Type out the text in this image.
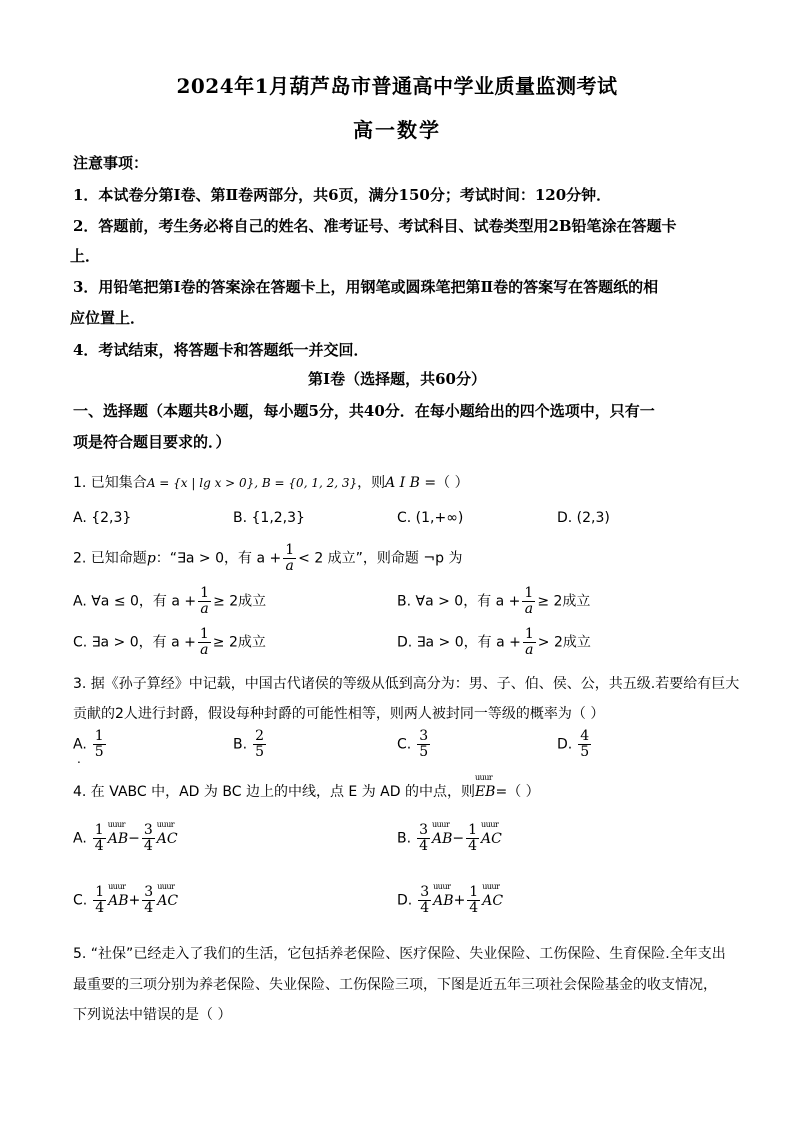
2024年1月葫芦岛市普通高中学业质量监测考试
高一数学
注意事项：
1．本试卷分第Ⅰ卷、第Ⅱ卷两部分，共6页，满分150分；考试时间：120分钟．
2．答题前，考生务必将自己的姓名、准考证号、考试科目、试卷类型用2B铅笔涂在答题卡
上．
3．用铅笔把第Ⅰ卷的答案涂在答题卡上，用钢笔或圆珠笔把第Ⅱ卷的答案写在答题纸的相
应位置上．
4．考试结束，将答题卡和答题纸一并交回．
第Ⅰ卷（选择题，共60分）
一、选择题（本题共8小题，每小题5分，共40分．在每小题给出的四个选项中，只有一
项是符合题目要求的．）
1. 已知集合A = {x | lg x > 0}, B = {0, 1, 2, 3}，则A I B =（ ）
A. {2,3}	B. {1,2,3}	C. (1,+∞)	D. (2,3)
2. 已知命题p：“∃a > 0，有 $a + \frac{1}{a} < 2$ 成立”，则命题 ¬p 为
A. ∀a ≤ 0，有 $a + \frac{1}{a} \ge 2$成立	B. ∀a > 0，有 $a + \frac{1}{a} \ge 2$成立
C. ∃a > 0，有 $a + \frac{1}{a} \ge 2$成立	D. ∃a > 0，有 $a + \frac{1}{a} > 2$成立
3. 据《孙子算经》中记载，中国古代诸侯的等级从低到高分为：男、子、伯、侯、公，共五级.若要给有巨大
贡献的2人进行封爵，假设每种封爵的可能性相等，则两人被封同一等级的概率为（ ）
A. $\frac{1}{5}$
.
B. $\frac{2}{5}$	C. $\frac{3}{5}$	D. $\frac{4}{5}$
4. 在 VABC 中，AD 为 BC 边上的中线，点 E 为 AD 的中点，则uuur EB=（ ）
A. $\frac{1}{4}$ uuur $AB- \frac{3}{4}$ uuur AC	B. $\frac{3}{4}$ uuur $AB- \frac{1}{4}$ uuur AC
C. $\frac{1}{4}$ uuur $AB+ \frac{3}{4}$ uuur AC	D. $\frac{3}{4}$ uuur $AB+ \frac{1}{4}$ uuur AC
5. “社保”已经走入了我们的生活，它包括养老保险、医疗保险、失业保险、工伤保险、生育保险.全年支出
最重要的三项分别为养老保险、失业保险、工伤保险三项，下图是近五年三项社会保险基金的收支情况，
下列说法中错误的是（ ）
